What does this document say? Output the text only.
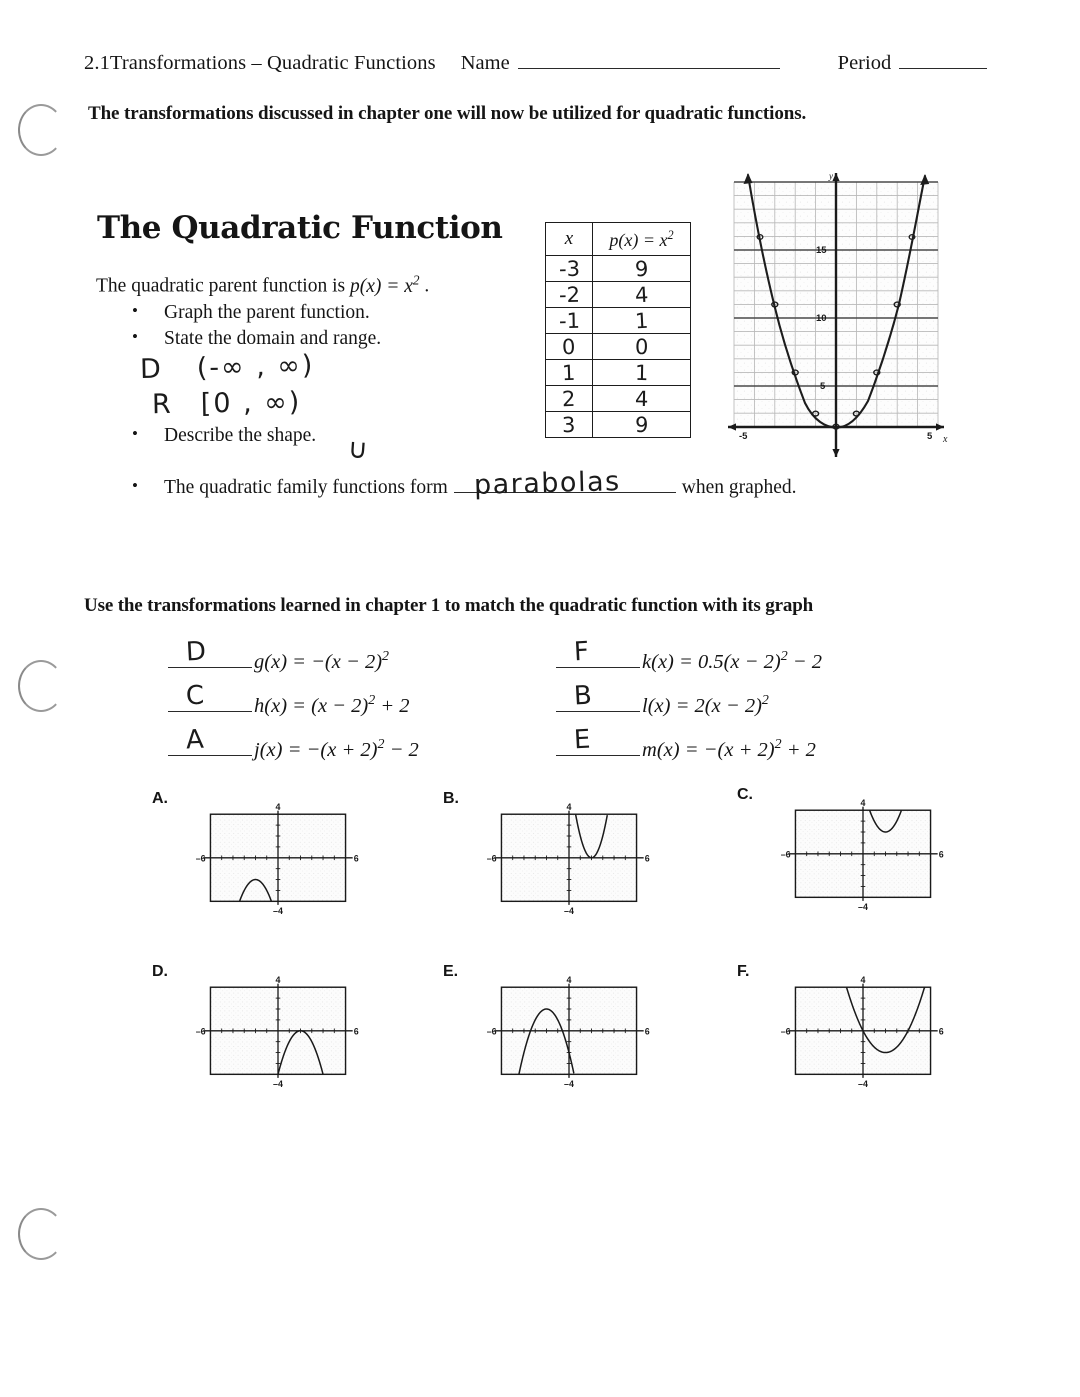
2.1Transformations – Quadratic Functions Name	Period
The transformations discussed in chapter one will now be utilized for quadratic functions.
The Quadratic Function
The quadratic parent function is $p(x) = x^2$ .
• Graph the parent function.
• State the domain and range.
• Describe the shape.
• The quadratic family functions form	when graphed.
D (-∞ , ∞)
R [0 , ∞)
∪
parabolas
x	$p(x) = x^2$
-3	9
-2	4
-1	1
0	0
1	1
2	4
3	9	-5	5 x
y
5
10
15
Use the transformations learned in chapter 1 to match the quadratic function with its graph
D $g(x) = -(x - 2)^2$	F	$k(x) = 0.5(x - 2)^2 - 2$
C $h(x) = (x - 2)^2 + 2$	B $l(x) = 2(x - 2)^2$
A $j(x) = -(x + 2)^2 - 2$	E $m(x) = -(x + 2)^2 + 2$
A.
–6	6
4
–4
B.
–6	6
4
–4
C.
–6	6
4
–4
D.
–6	6
4
–4
E.
–6	6
4
–4
F.
–6	6
4
–4
